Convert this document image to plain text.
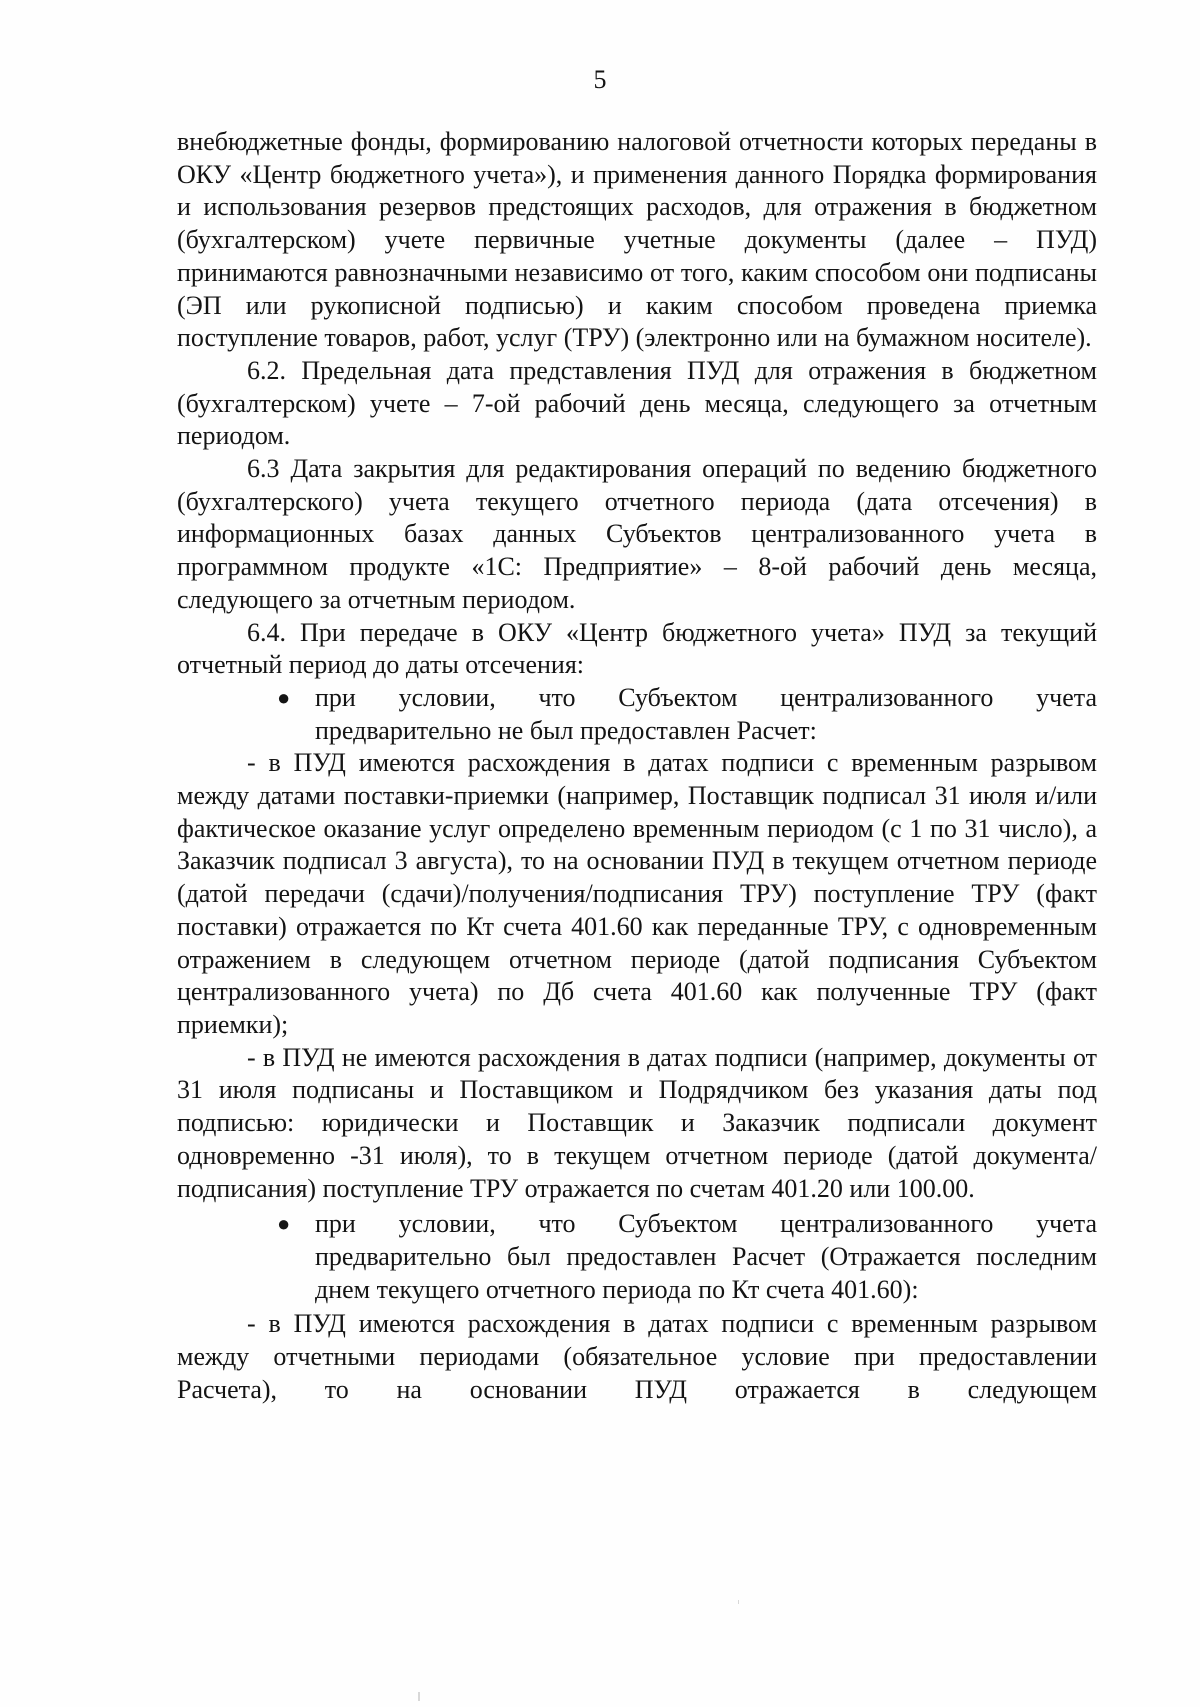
5

внебюджетные фонды, формированию налоговой отчетности которых переданы в ОКУ «Центр бюджетного учета»), и применения данного Порядка формирования и использования резервов предстоящих расходов, для отражения в бюджетном (бухгалтерском) учете первичные учетные документы (далее – ПУД) принимаются равнозначными независимо от того, каким способом они подписаны (ЭП или рукописной подписью) и каким способом проведена приемка поступление товаров, работ, услуг (ТРУ) (электронно или на бумажном носителе).

6.2. Предельная дата представления ПУД для отражения в бюджетном (бухгалтерском) учете – 7-ой рабочий день месяца, следующего за отчетным периодом.

6.3 Дата закрытия для редактирования операций по ведению бюджетного (бухгалтерского) учета текущего отчетного периода (дата отсечения) в информационных базах данных Субъектов централизованного учета в программном продукте «1С: Предприятие» – 8-ой рабочий день месяца, следующего за отчетным периодом.

6.4. При передаче в ОКУ «Центр бюджетного учета» ПУД за текущий отчетный период до даты отсечения:

● при условии, что Субъектом централизованного учета предварительно не был предоставлен Расчет:

- в ПУД имеются расхождения в датах подписи с временным разрывом между датами поставки-приемки (например, Поставщик подписал 31 июля и/или фактическое оказание услуг определено временным периодом (с 1 по 31 число), а Заказчик подписал 3 августа), то на основании ПУД в текущем отчетном периоде (датой передачи (сдачи)/получения/подписания ТРУ) поступление ТРУ (факт поставки) отражается по Кт счета 401.60 как переданные ТРУ, с одновременным отражением в следующем отчетном периоде (датой подписания Субъектом централизованного учета) по Дб счета 401.60 как полученные ТРУ (факт приемки);

- в ПУД не имеются расхождения в датах подписи (например, документы от 31 июля подписаны и Поставщиком и Подрядчиком без указания даты под подписью: юридически и Поставщик и Заказчик подписали документ одновременно -31 июля), то в текущем отчетном периоде (датой документа/подписания) поступление ТРУ отражается по счетам 401.20 или 100.00.

● при условии, что Субъектом централизованного учета предварительно был предоставлен Расчет (Отражается последним днем текущего отчетного периода по Кт счета 401.60):

- в ПУД имеются расхождения в датах подписи с временным разрывом между отчетными периодами (обязательное условие при предоставлении Расчета), то на основании ПУД отражается в следующем
